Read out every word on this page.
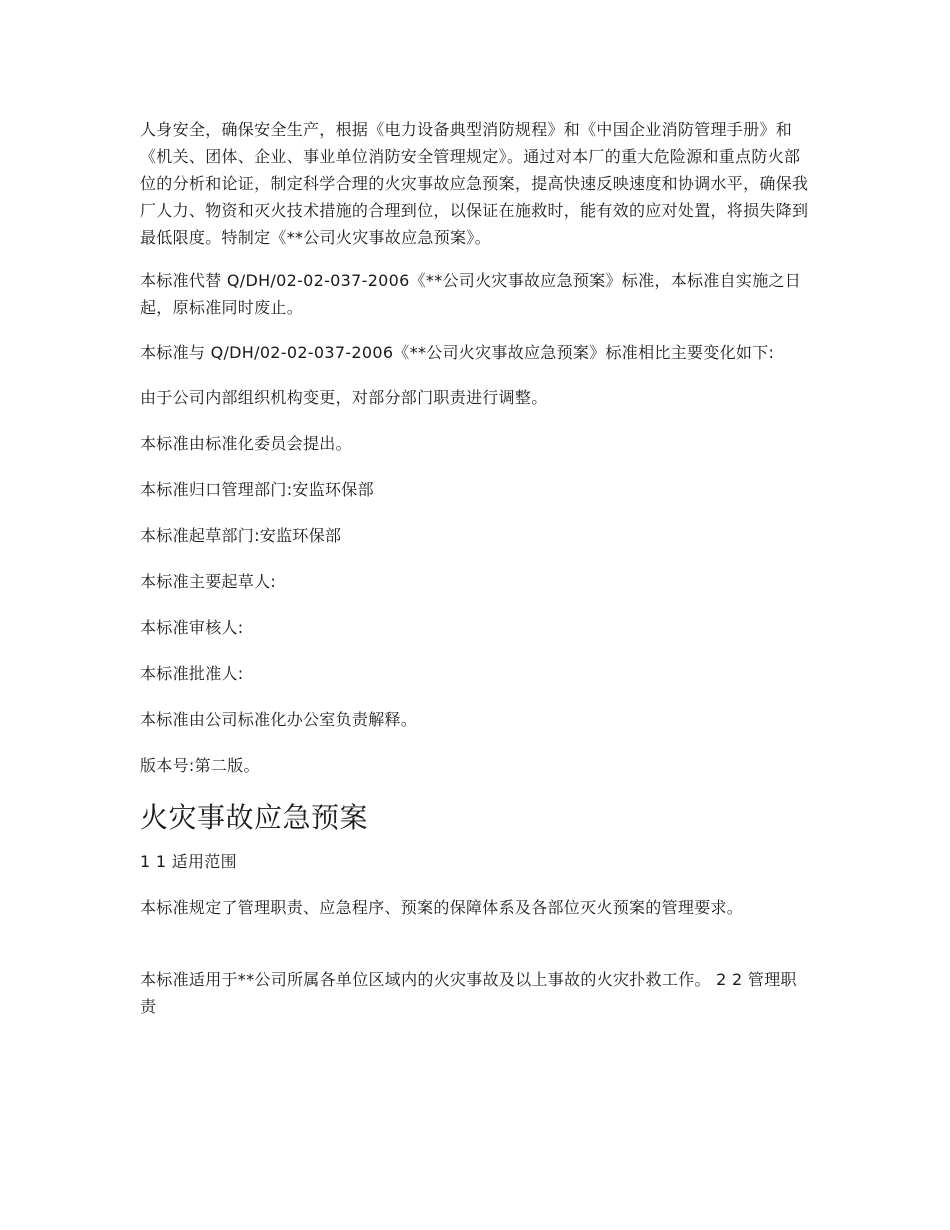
人身安全，确保安全生产，根据《电力设备典型消防规程》和《中国企业消防管理手册》和《机关、团体、企业、事业单位消防安全管理规定》。通过对本厂的重大危险源和重点防火部位的分析和论证，制定科学合理的火灾事故应急预案，提高快速反映速度和协调水平，确保我厂人力、物资和灭火技术措施的合理到位，以保证在施救时，能有效的应对处置，将损失降到最低限度。特制定《**公司火灾事故应急预案》。

本标准代替 Q/DH/02-02-037-2006《**公司火灾事故应急预案》标准，本标准自实施之日起，原标准同时废止。

本标准与 Q/DH/02-02-037-2006《**公司火灾事故应急预案》标准相比主要变化如下:

由于公司内部组织机构变更，对部分部门职责进行调整。

本标准由标准化委员会提出。

本标准归口管理部门:安监环保部

本标准起草部门:安监环保部

本标准主要起草人:

本标准审核人:

本标准批准人:

本标准由公司标准化办公室负责解释。

版本号:第二版。

火灾事故应急预案

1 1 适用范围

本标准规定了管理职责、应急程序、预案的保障体系及各部位灭火预案的管理要求。

本标准适用于**公司所属各单位区域内的火灾事故及以上事故的火灾扑救工作。 2 2 管理职责
